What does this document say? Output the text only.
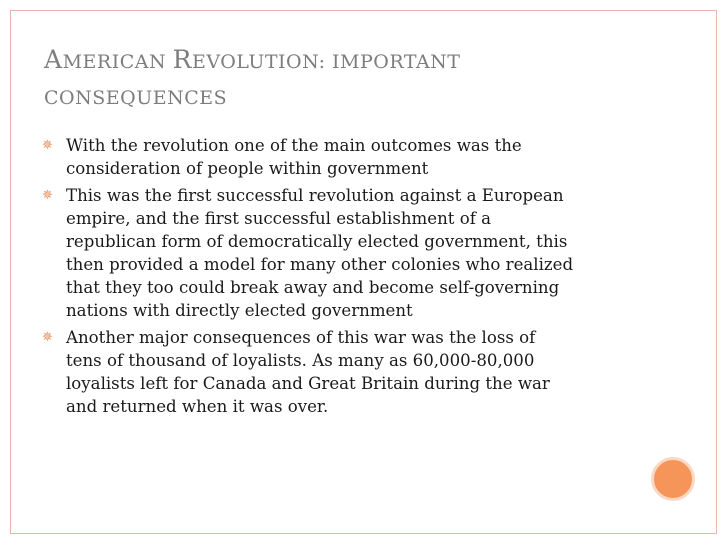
AMERICAN REVOLUTION: IMPORTANT
CONSEQUENCES
✵ With the revolution one of the main outcomes was the
consideration of people within government
✵ This was the first successful revolution against a European
empire, and the first successful establishment of a
republican form of democratically elected government, this
then provided a model for many other colonies who realized
that they too could break away and become self-governing
nations with directly elected government
✵ Another major consequences of this war was the loss of
tens of thousand of loyalists. As many as 60,000-80,000
loyalists left for Canada and Great Britain during the war
and returned when it was over.
